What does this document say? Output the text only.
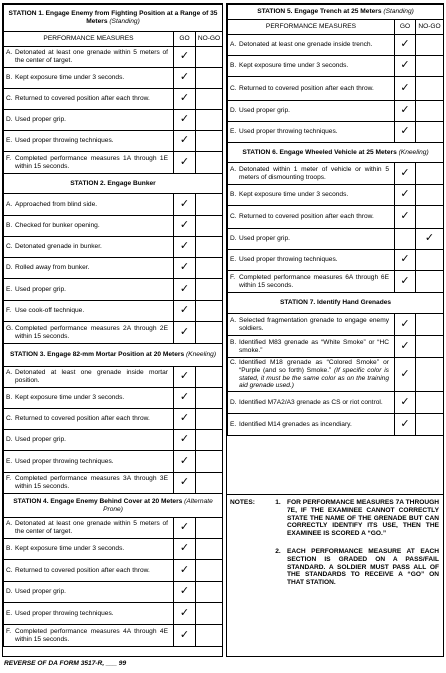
STATION 1. Engage Enemy from Fighting Position at a Range of 35 Meters (Standing)		
PERFORMANCE MEASURES	GO	NO-GO
A. Detonated at least one grenade within 5 meters of the center of target.	✓	
B. Kept exposure time under 3 seconds.	✓	
C. Returned to covered position after each throw.	✓	
D. Used proper grip.	✓	
E. Used proper throwing techniques.	✓	
F. Completed performance measures 1A through 1E within 15 seconds.	✓	
STATION 2. Engage Bunker		
A. Approached from blind side.	✓	
B. Checked for bunker opening.	✓	
C. Detonated grenade in bunker.	✓	
D. Rolled away from bunker.	✓	
E. Used proper grip.	✓	
F. Use cook-off technique.	✓	
G. Completed performance measures 2A through 2E within 15 seconds.	✓	
STATION 3. Engage 82-mm Mortar Position at 20 Meters (Kneeling)		
A. Detonated at least one grenade inside mortar position.	✓	
B. Kept exposure time under 3 seconds.	✓	
C. Returned to covered position after each throw.	✓	
D. Used proper grip.	✓	
E. Used proper throwing techniques.	✓	
F. Completed performance measures 3A through 3E within 15 seconds.	✓	
STATION 4. Engage Enemy Behind Cover at 20 Meters (Alternate Prone)		
A. Detonated at least one grenade within 5 meters of the center of target.	✓	
B. Kept exposure time under 3 seconds.	✓	
C. Returned to covered position after each throw.	✓	
D. Used proper grip.	✓	
E. Used proper throwing techniques.	✓	
F. Completed performance measures 4A through 4E within 15 seconds.	✓	
STATION 5. Engage Trench at 25 Meters (Standing)		
PERFORMANCE MEASURES	GO	NO-GO
A. Detonated at least one grenade inside trench.	✓	
B. Kept exposure time under 3 seconds.	✓	
C. Returned to covered position after each throw.	✓	
D. Used proper grip.	✓	
E. Used proper throwing techniques.	✓	
STATION 6. Engage Wheeled Vehicle at 25 Meters (Kneeling)		
A. Detonated within 1 meter of vehicle or within 5 meters of dismounting troops.	✓	
B. Kept exposure time under 3 seconds.	✓	
C. Returned to covered position after each throw.	✓	
D. Used proper grip.		✓
E. Used proper throwing techniques.	✓	
F. Completed performance measures 6A through 6E within 15 seconds.	✓	
STATION 7. Identify Hand Grenades		
A. Selected fragmentation grenade to engage enemy soldiers.	✓	
B. Identified M83 grenade as “White Smoke” or “HC smoke.”	✓	
C. Identified M18 grenade as “Colored Smoke” or “Purple (and so forth) Smoke.” (If specific color is stated, it must be the same color as on the training aid grenade used.)	✓	
D. Identified M7A2/A3 grenade as CS or riot control.	✓	
E. Identified M14 grenades as incendiary.	✓	
NOTES:	1.	FOR PERFORMANCE MEASURES 7A THROUGH 7E, IF THE EXAMINEE CANNOT CORRECTLY STATE THE NAME OF THE GRENADE BUT CAN CORRECTLY IDENTIFY ITS USE, THEN THE EXAMINEE IS SCORED A “GO.”

	2.	EACH PERFORMANCE MEASURE AT EACH SECTION IS GRADED ON A PASS/FAIL STANDARD. A SOLDIER MUST PASS ALL OF THE STANDARDS TO RECEIVE A “GO” ON THAT STATION.
REVERSE OF DA FORM 3517-R, ___ 99
